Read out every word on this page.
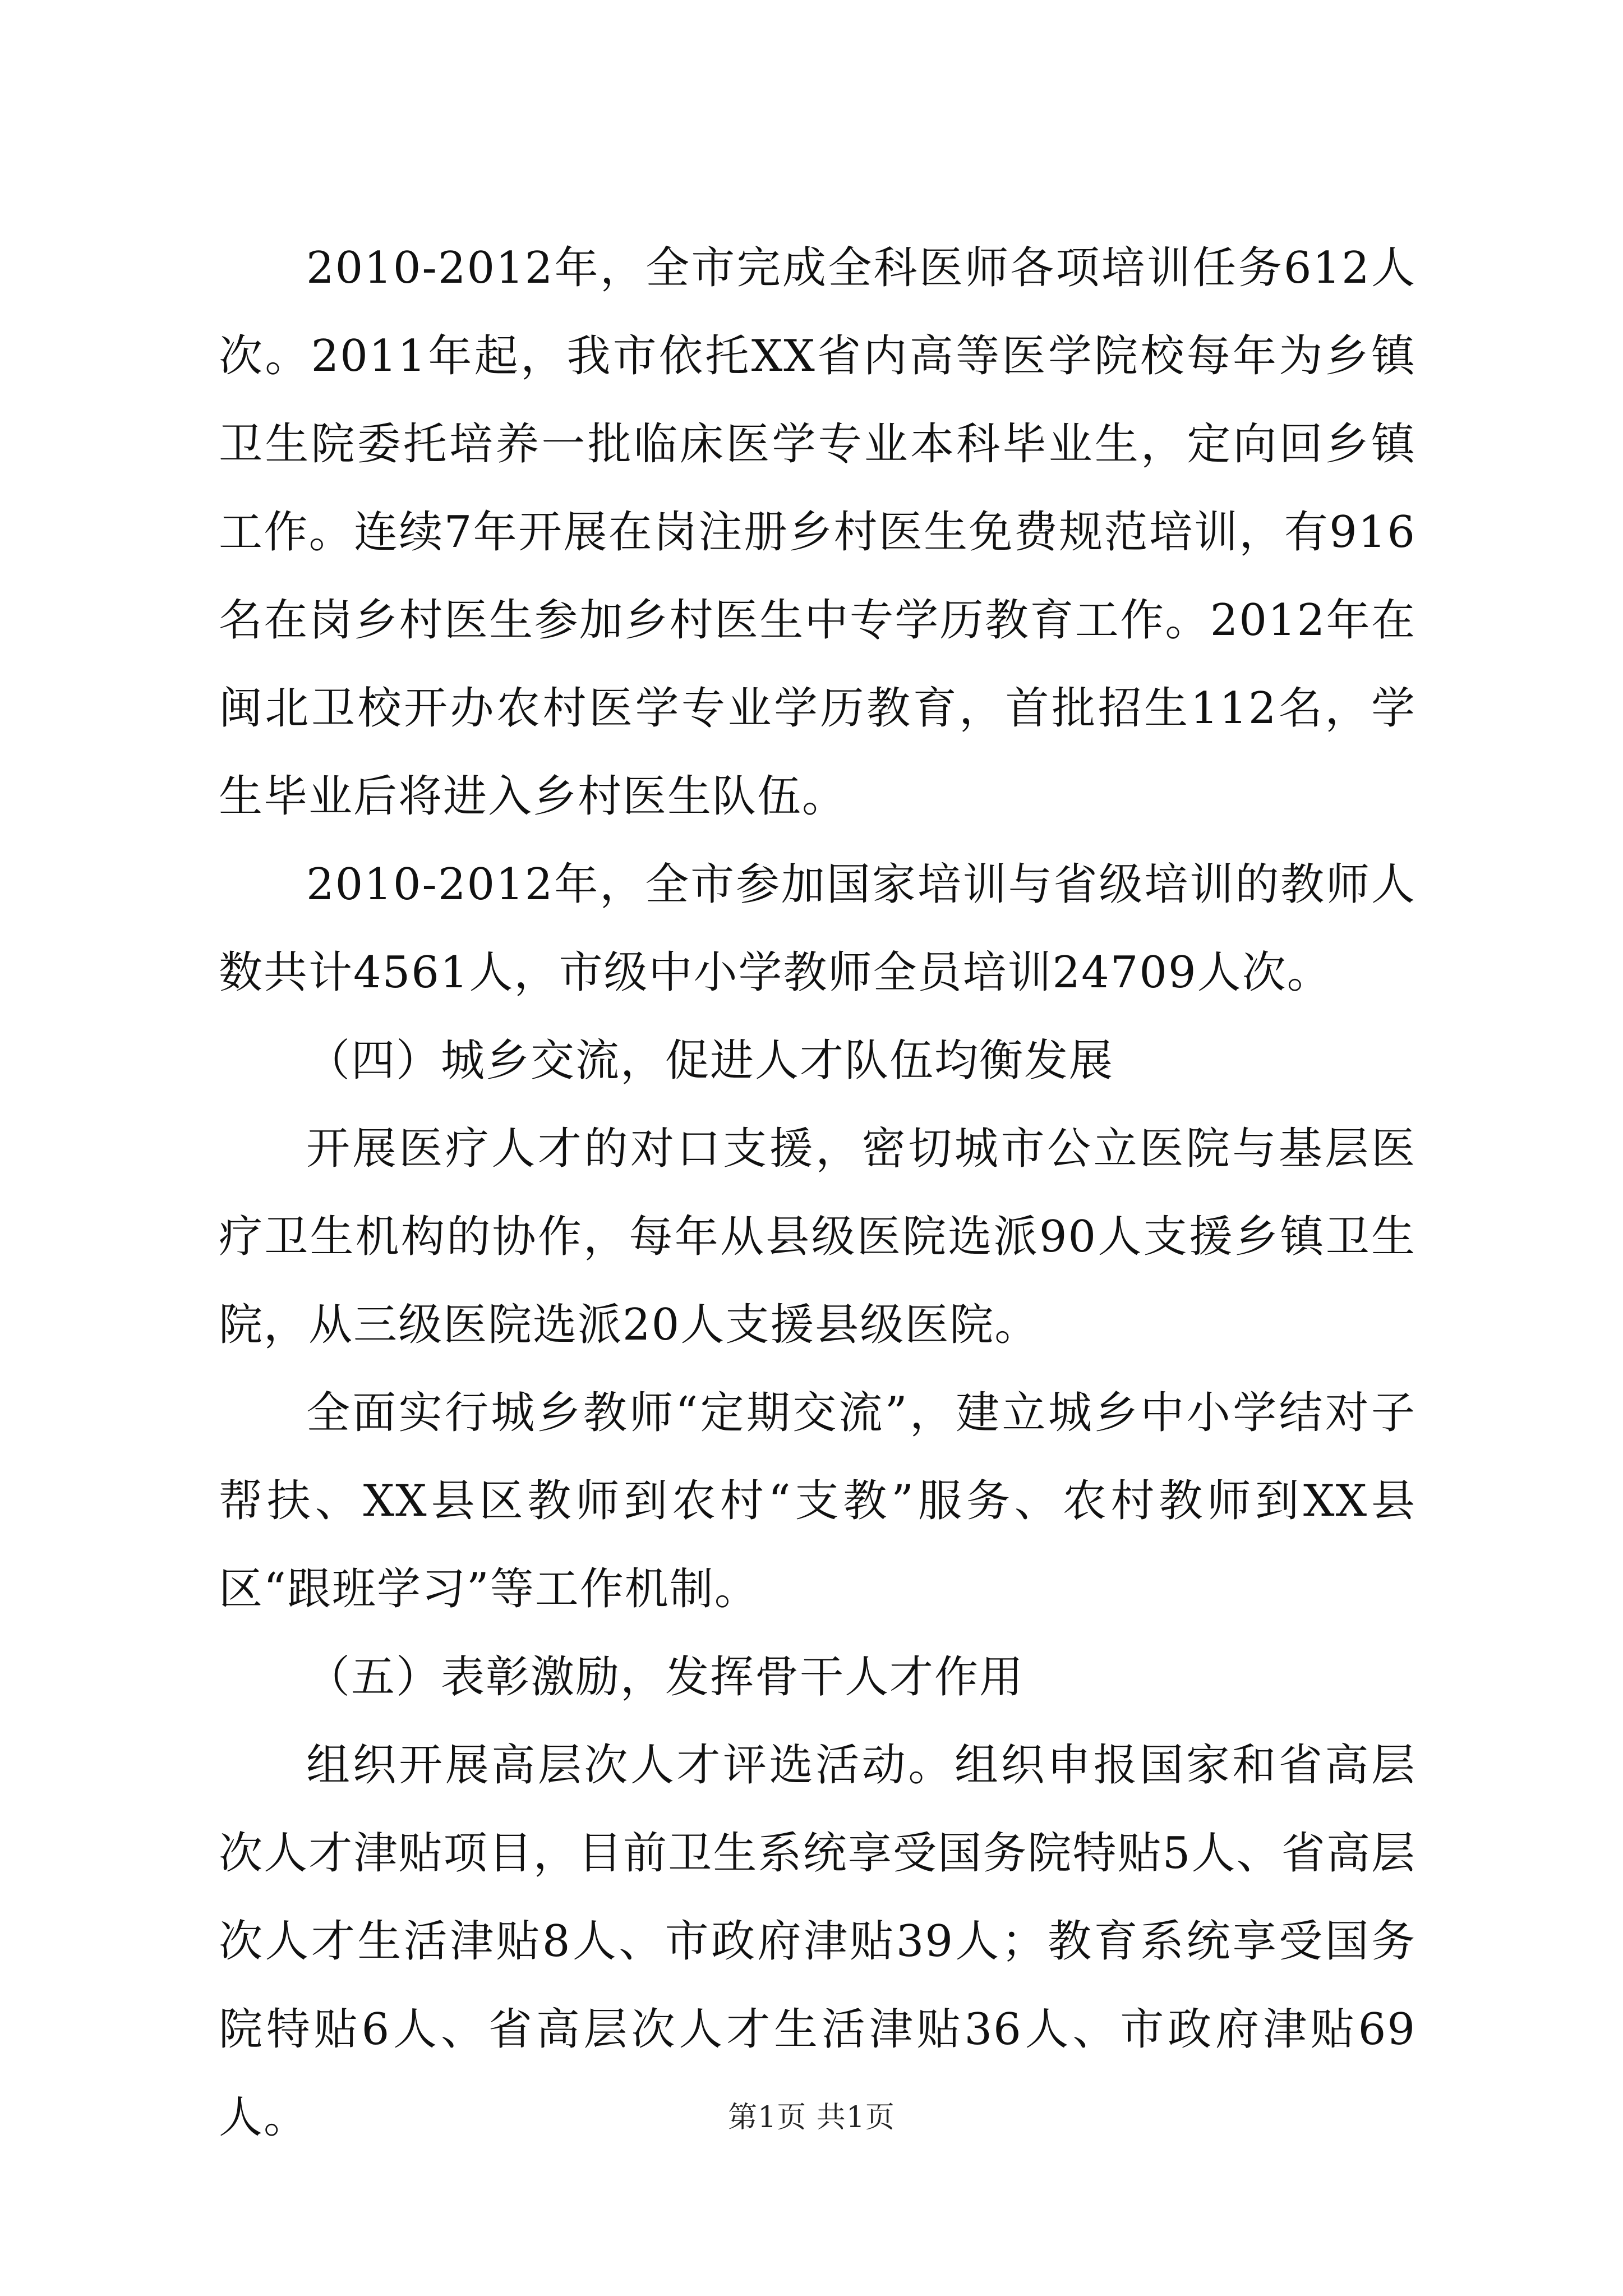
2010-2012年，全市完成全科医师各项培训任务612人次。2011年起，我市依托XX省内高等医学院校每年为乡镇卫生院委托培养一批临床医学专业本科毕业生，定向回乡镇工作。连续7年开展在岗注册乡村医生免费规范培训，有916名在岗乡村医生参加乡村医生中专学历教育工作。2012年在闽北卫校开办农村医学专业学历教育，首批招生112名，学生毕业后将进入乡村医生队伍。

2010-2012年，全市参加国家培训与省级培训的教师人数共计4561人，市级中小学教师全员培训24709人次。

（四）城乡交流，促进人才队伍均衡发展

开展医疗人才的对口支援，密切城市公立医院与基层医疗卫生机构的协作，每年从县级医院选派90人支援乡镇卫生院，从三级医院选派20人支援县级医院。

全面实行城乡教师“定期交流”，建立城乡中小学结对子帮扶、XX县区教师到农村“支教”服务、农村教师到XX县区“跟班学习”等工作机制。

（五）表彰激励，发挥骨干人才作用

组织开展高层次人才评选活动。组织申报国家和省高层次人才津贴项目，目前卫生系统享受国务院特贴5人、省高层次人才生活津贴8人、市政府津贴39人；教育系统享受国务院特贴6人、省高层次人才生活津贴36人、市政府津贴69人。	第1页 共1页
